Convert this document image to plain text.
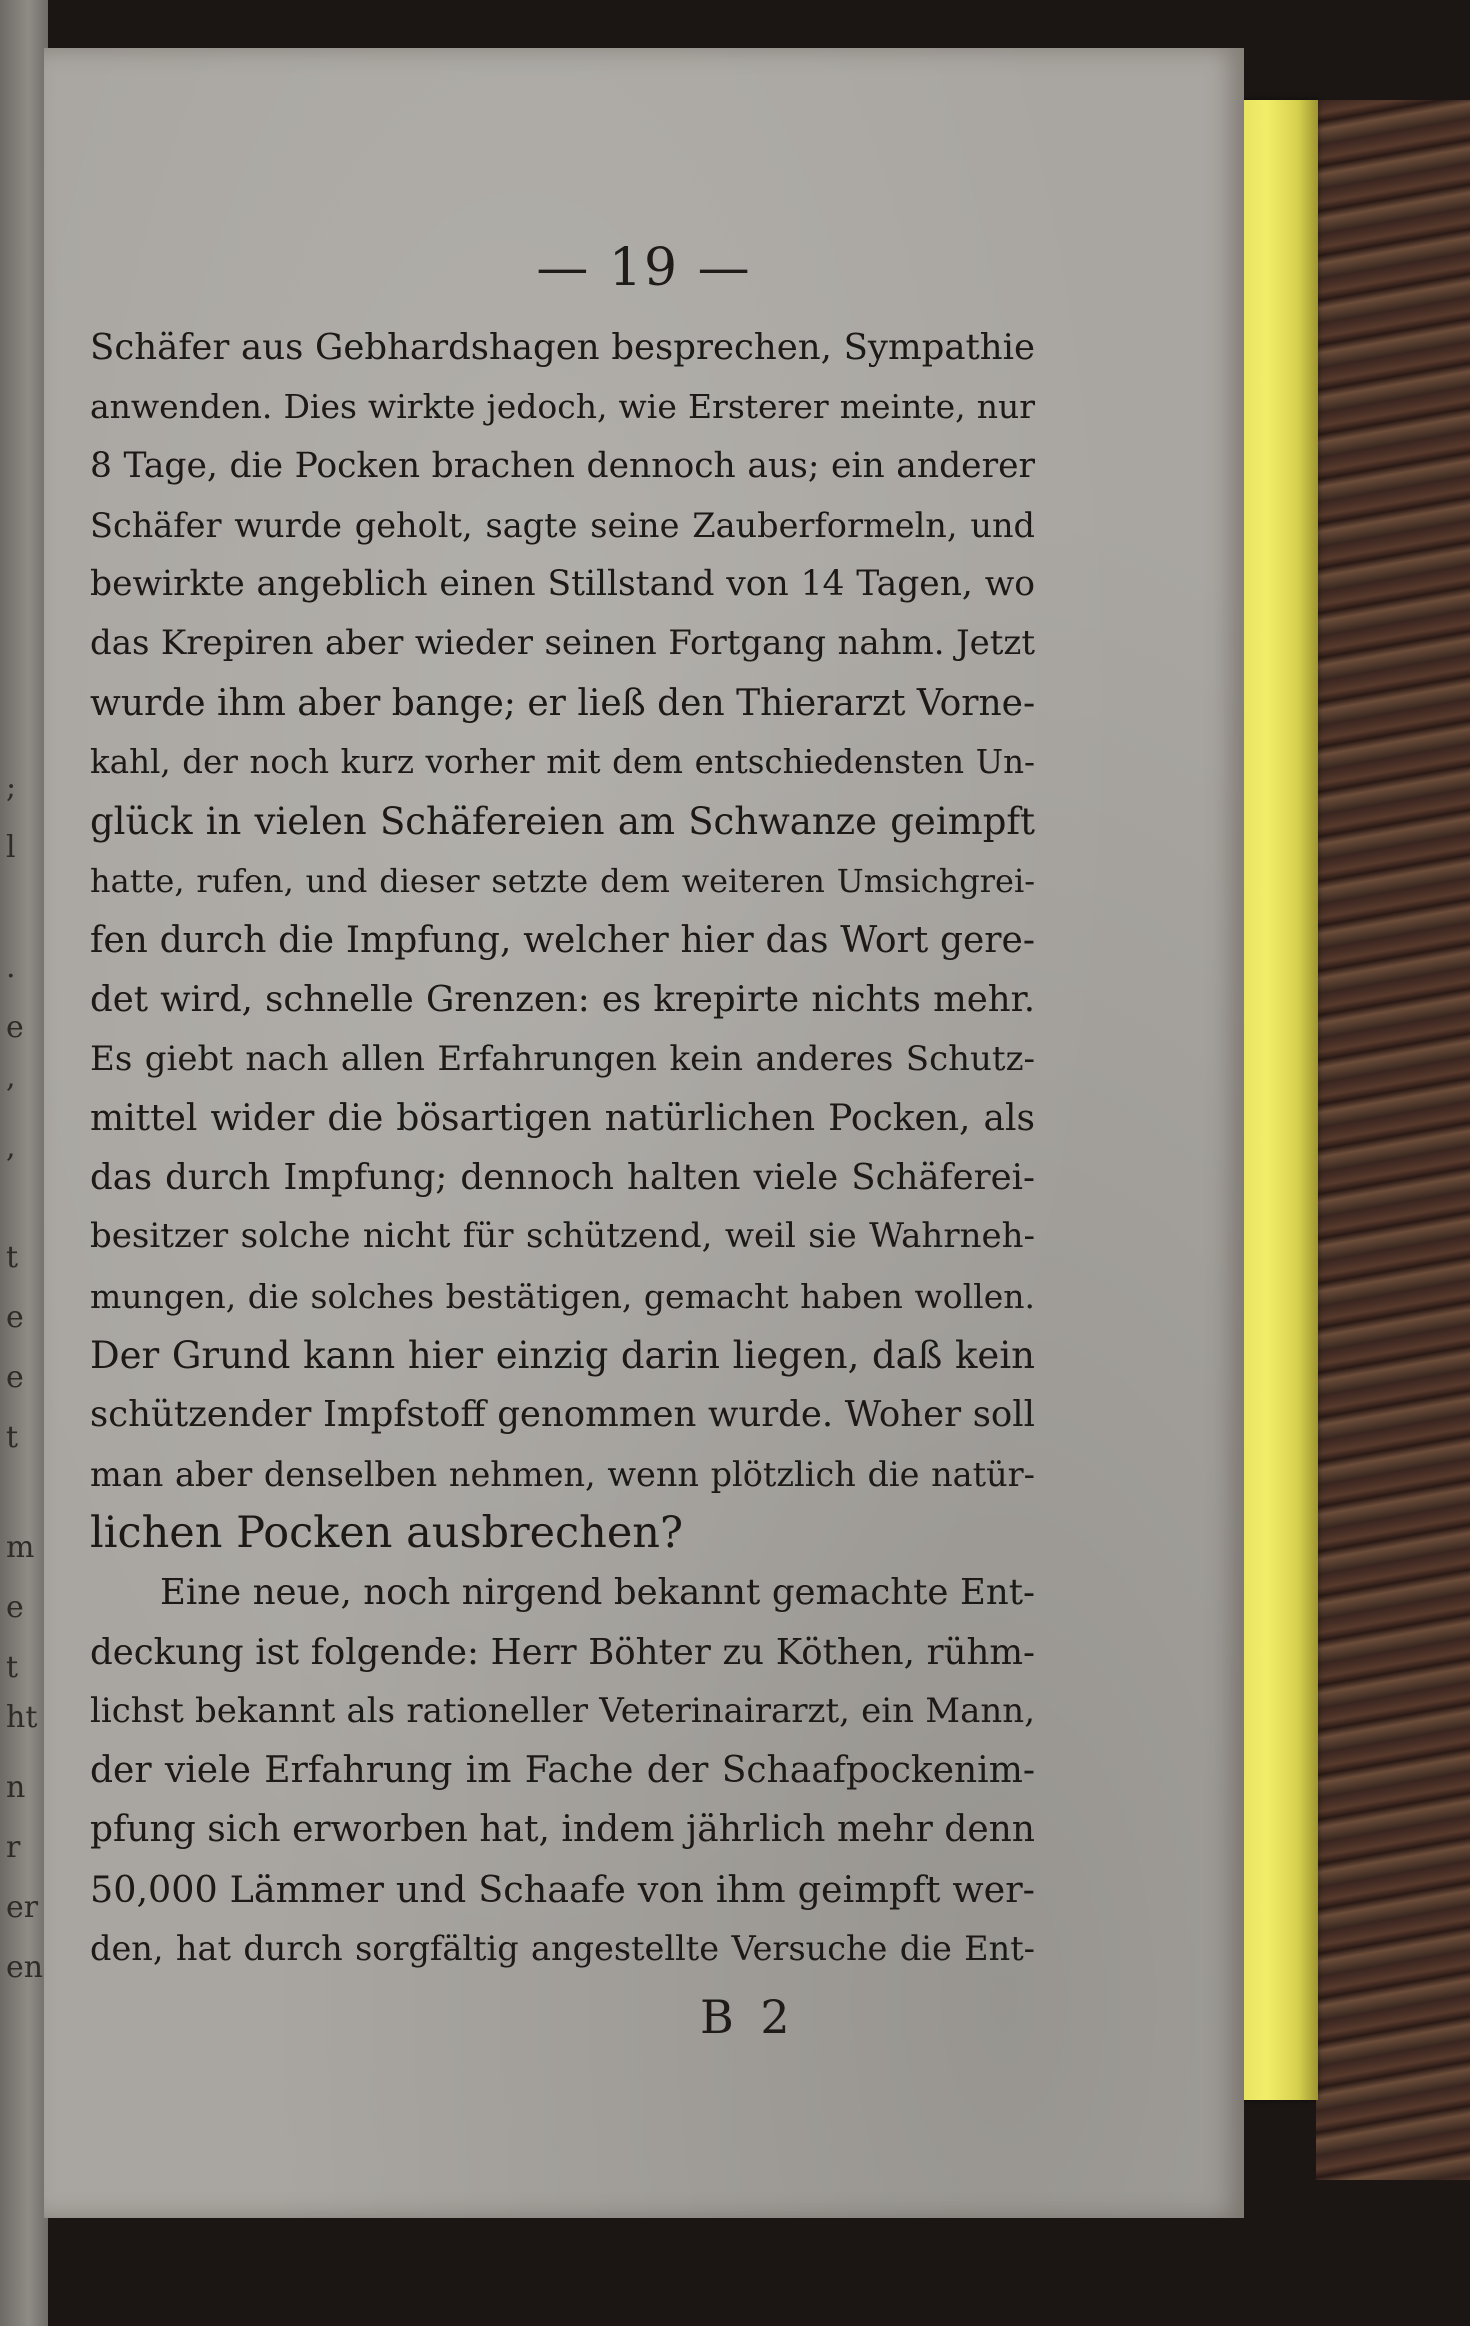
;
l
.
e
,
,
t
e
e
t
m
e
t
ht
n
r
er
en
— 19 —
Schäfer aus Gebhardshagen besprechen, Sympathie
anwenden. Dies wirkte jedoch, wie Ersterer meinte, nur
8 Tage, die Pocken brachen dennoch aus; ein anderer
Schäfer wurde geholt, sagte seine Zauberformeln, und
bewirkte angeblich einen Stillstand von 14 Tagen, wo
das Krepiren aber wieder seinen Fortgang nahm. Jetzt
wurde ihm aber bange; er ließ den Thierarzt Vorne-
kahl, der noch kurz vorher mit dem entschiedensten Un-
glück in vielen Schäfereien am Schwanze geimpft
hatte, rufen, und dieser setzte dem weiteren Umsichgrei-
fen durch die Impfung, welcher hier das Wort gere-
det wird, schnelle Grenzen: es krepirte nichts mehr.
Es giebt nach allen Erfahrungen kein anderes Schutz-
mittel wider die bösartigen natürlichen Pocken, als
das durch Impfung; dennoch halten viele Schäferei-
besitzer solche nicht für schützend, weil sie Wahrneh-
mungen, die solches bestätigen, gemacht haben wollen.
Der Grund kann hier einzig darin liegen, daß kein
schützender Impfstoff genommen wurde. Woher soll
man aber denselben nehmen, wenn plötzlich die natür-
lichen Pocken ausbrechen?
Eine neue, noch nirgend bekannt gemachte Ent-
deckung ist folgende: Herr Böhter zu Köthen, rühm-
lichst bekannt als rationeller Veterinairarzt, ein Mann,
der viele Erfahrung im Fache der Schaafpockenim-
pfung sich erworben hat, indem jährlich mehr denn
50,000 Lämmer und Schaafe von ihm geimpft wer-
den, hat durch sorgfältig angestellte Versuche die Ent-
B 2
